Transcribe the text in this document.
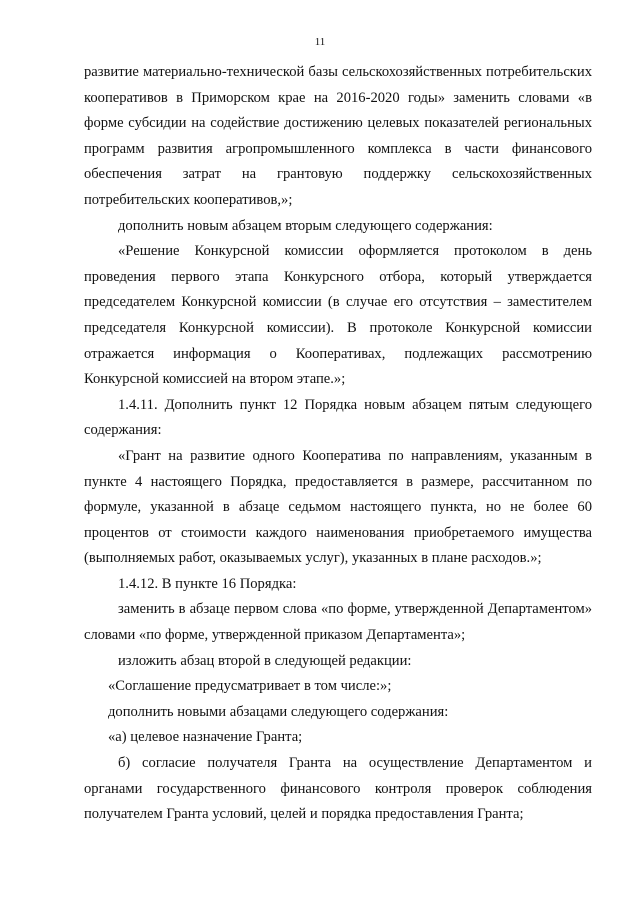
11

развитие материально-технической базы сельскохозяйственных потребительских кооперативов в Приморском крае на 2016-2020 годы» заменить словами «в форме субсидии на содействие достижению целевых показателей региональных программ развития агропромышленного комплекса в части финансового обеспечения затрат на грантовую поддержку сельскохозяйственных потребительских кооперативов,»;

дополнить новым абзацем вторым следующего содержания:

«Решение Конкурсной комиссии оформляется протоколом в день проведения первого этапа Конкурсного отбора, который утверждается председателем Конкурсной комиссии (в случае его отсутствия – заместителем председателя Конкурсной комиссии). В протоколе Конкурсной комиссии отражается информация о Кооперативах, подлежащих рассмотрению Конкурсной комиссией на втором этапе.»;

1.4.11. Дополнить пункт 12 Порядка новым абзацем пятым следующего содержания:

«Грант на развитие одного Кооператива по направлениям, указанным в пункте 4 настоящего Порядка, предоставляется в размере, рассчитанном по формуле, указанной в абзаце седьмом настоящего пункта, но не более 60 процентов от стоимости каждого наименования приобретаемого имущества (выполняемых работ, оказываемых услуг), указанных в плане расходов.»;

1.4.12. В пункте 16 Порядка:

заменить в абзаце первом слова «по форме, утвержденной Департаментом» словами «по форме, утвержденной приказом Департамента»;

изложить абзац второй в следующей редакции:

«Соглашение предусматривает в том числе:»;

дополнить новыми абзацами следующего содержания:

«а) целевое назначение Гранта;

б) согласие получателя Гранта на осуществление Департаментом и органами государственного финансового контроля проверок соблюдения получателем Гранта условий, целей и порядка предоставления Гранта;
